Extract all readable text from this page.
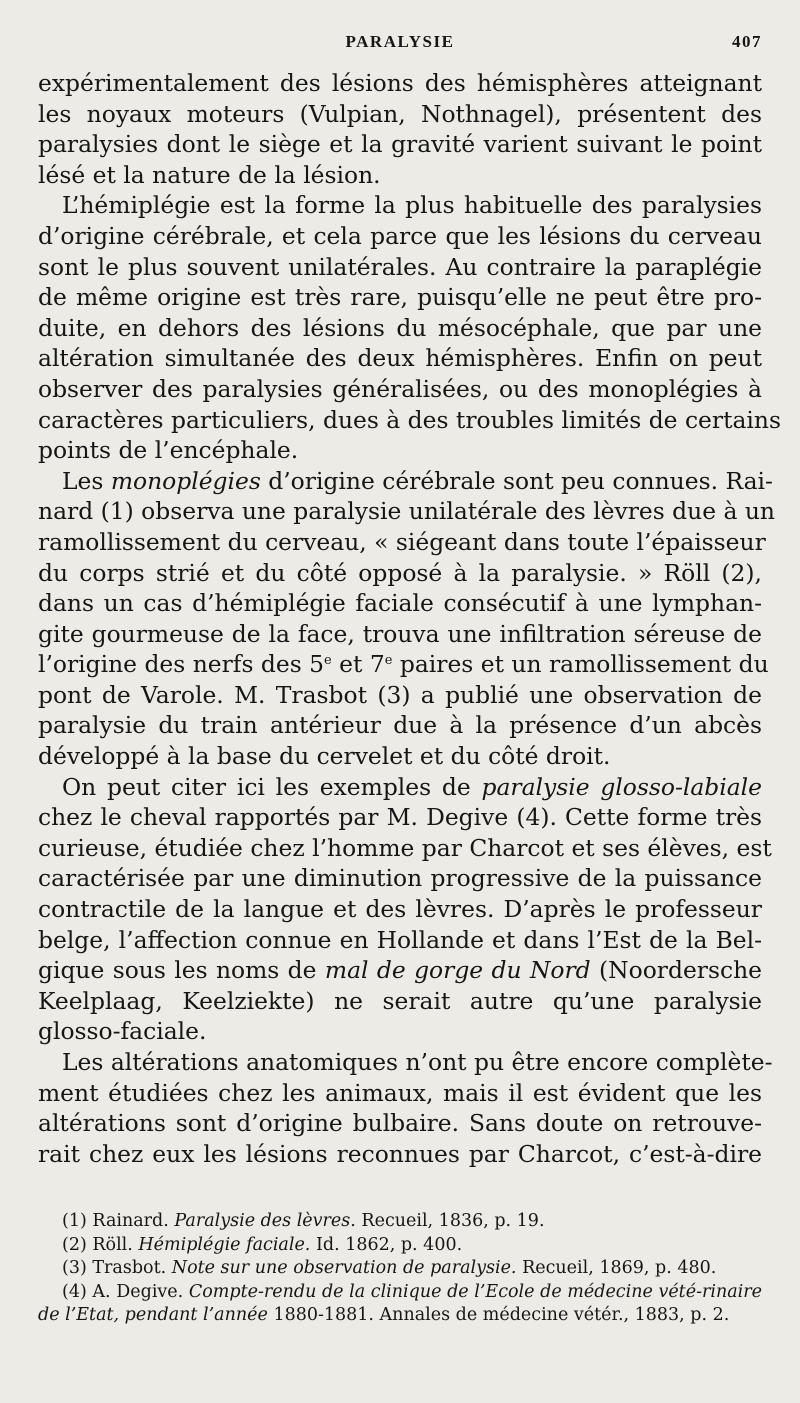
PARALYSIE	407

expérimentalement des lésions des hémisphères atteignant
les noyaux moteurs (Vulpian, Nothnagel), présentent des
paralysies dont le siège et la gravité varient suivant le point
lésé et la nature de la lésion.

L’hémiplégie est la forme la plus habituelle des paralysies
d’origine cérébrale, et cela parce que les lésions du cerveau
sont le plus souvent unilatérales. Au contraire la paraplégie
de même origine est très rare, puisqu’elle ne peut être pro-
duite, en dehors des lésions du mésocéphale, que par une
altération simultanée des deux hémisphères. Enfin on peut
observer des paralysies généralisées, ou des monoplégies à
caractères particuliers, dues à des troubles limités de certains
points de l’encéphale.

Les monoplégies d’origine cérébrale sont peu connues. Rai-
nard (1) observa une paralysie unilatérale des lèvres due à un
ramollissement du cerveau, « siégeant dans toute l’épaisseur
du corps strié et du côté opposé à la paralysie. » Röll (2),
dans un cas d’hémiplégie faciale consécutif à une lymphan-
gite gourmeuse de la face, trouva une infiltration séreuse de
l’origine des nerfs des 5e et 7e paires et un ramollissement du
pont de Varole. M. Trasbot (3) a publié une observation de
paralysie du train antérieur due à la présence d’un abcès
développé à la base du cervelet et du côté droit.

On peut citer ici les exemples de paralysie glosso-labiale
chez le cheval rapportés par M. Degive (4). Cette forme très
curieuse, étudiée chez l’homme par Charcot et ses élèves, est
caractérisée par une diminution progressive de la puissance
contractile de la langue et des lèvres. D’après le professeur
belge, l’affection connue en Hollande et dans l’Est de la Bel-
gique sous les noms de mal de gorge du Nord (Noordersche
Keelplaag, Keelziekte) ne serait autre qu’une paralysie
glosso-faciale.

Les altérations anatomiques n’ont pu être encore complète-
ment étudiées chez les animaux, mais il est évident que les
altérations sont d’origine bulbaire. Sans doute on retrouve-
rait chez eux les lésions reconnues par Charcot, c’est-à-dire

(1) Rainard. Paralysie des lèvres. Recueil, 1836, p. 19.
(2) Röll. Hémiplégie faciale. Id. 1862, p. 400.
(3) Trasbot. Note sur une observation de paralysie. Recueil, 1869, p. 480.
(4) A. Degive. Compte-rendu de la clinique de l’Ecole de médecine vété-rinaire de l’Etat, pendant l’année 1880-1881. Annales de médecine vétér., 1883, p. 2.
